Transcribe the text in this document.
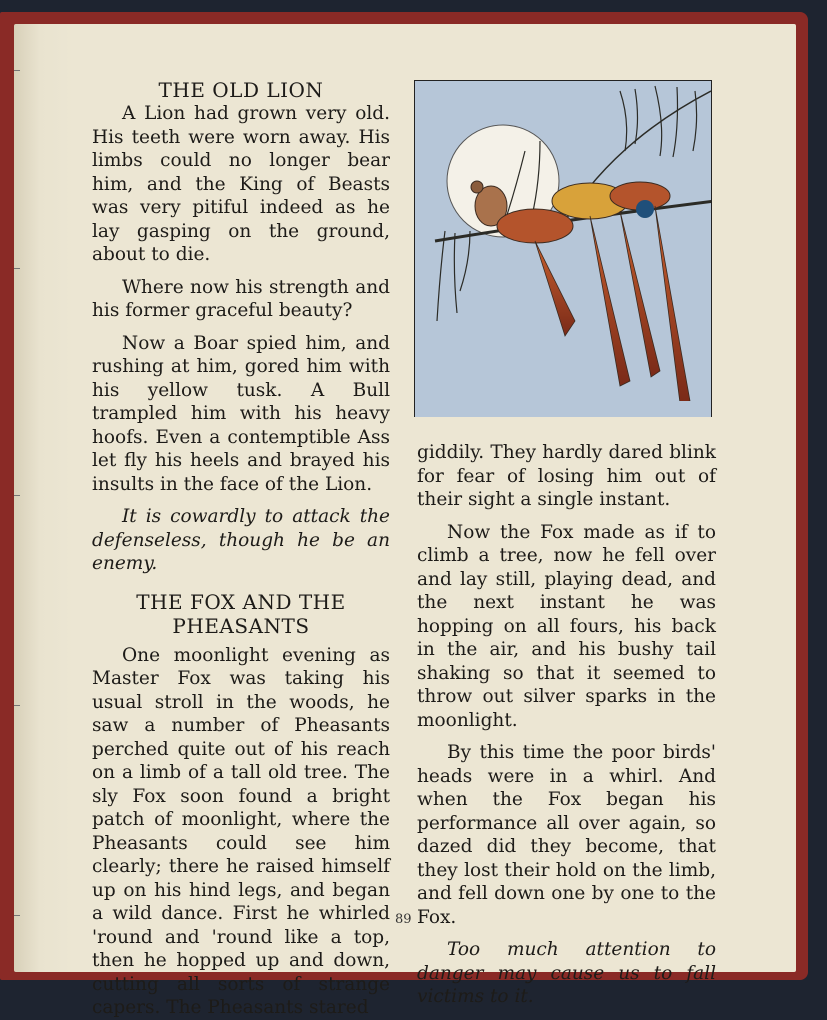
THE OLD LION

A Lion had grown very old. His teeth were worn away. His limbs could no longer bear him, and the King of Beasts was very pitiful indeed as he lay gasping on the ground, about to die.

Where now his strength and his former graceful beauty?

Now a Boar spied him, and rushing at him, gored him with his yellow tusk. A Bull trampled him with his heavy hoofs. Even a contemptible Ass let fly his heels and brayed his insults in the face of the Lion.

It is cowardly to attack the defenseless, though he be an enemy.

THE FOX AND THE PHEASANTS

One moonlight evening as Master Fox was taking his usual stroll in the woods, he saw a number of Pheasants perched quite out of his reach on a limb of a tall old tree. The sly Fox soon found a bright patch of moonlight, where the Pheasants could see him clearly; there he raised himself up on his hind legs, and began a wild dance. First he whirled 'round and 'round like a top, then he hopped up and down, cutting all sorts of strange capers. The Pheasants stared

giddily. They hardly dared blink for fear of losing him out of their sight a single instant.

Now the Fox made as if to climb a tree, now he fell over and lay still, playing dead, and the next instant he was hopping on all fours, his back in the air, and his bushy tail shaking so that it seemed to throw out silver sparks in the moonlight.

By this time the poor birds' heads were in a whirl. And when the Fox began his performance all over again, so dazed did they become, that they lost their hold on the limb, and fell down one by one to the Fox.

Too much attention to danger may cause us to fall victims to it.

89
